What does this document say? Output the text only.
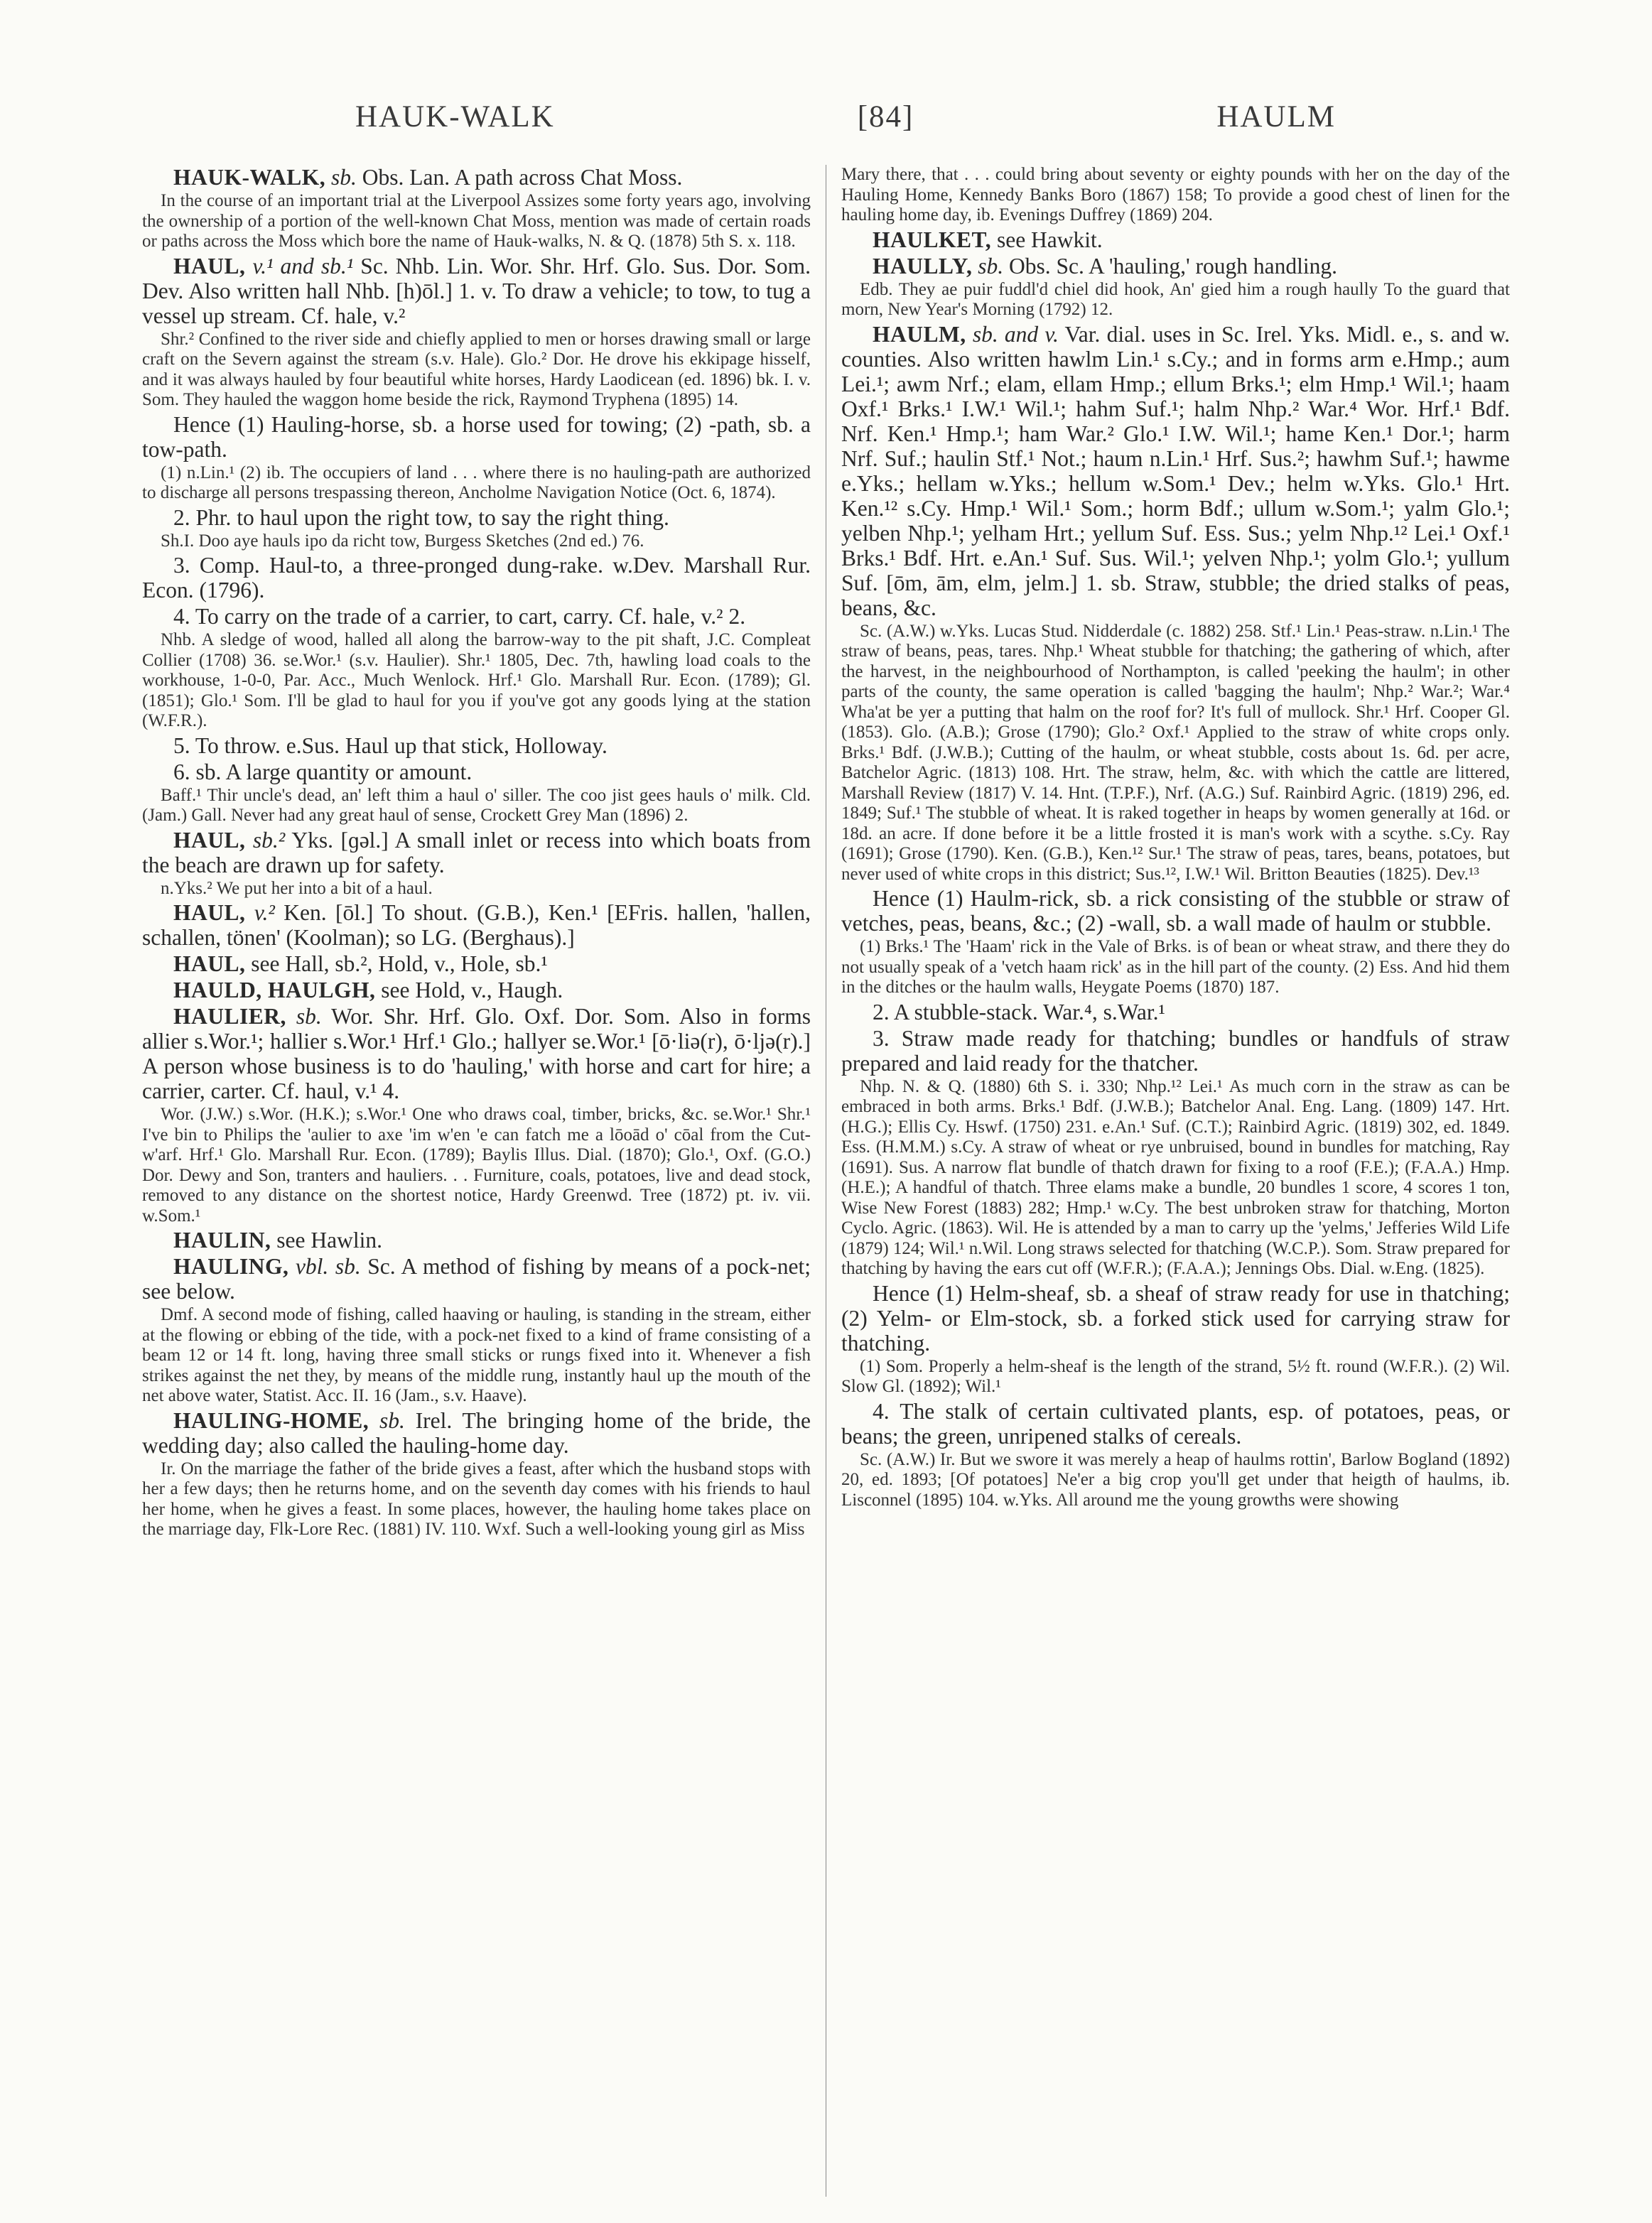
HAUK-WALK	[84]	HAULM

HAUK-WALK, sb. Obs. Lan. A path across Chat Moss.

In the course of an important trial at the Liverpool Assizes some forty years ago, involving the ownership of a portion of the well-known Chat Moss, mention was made of certain roads or paths across the Moss which bore the name of Hauk-walks, N. & Q. (1878) 5th S. x. 118.

HAUL, v.¹ and sb.¹ Sc. Nhb. Lin. Wor. Shr. Hrf. Glo. Sus. Dor. Som. Dev. Also written hall Nhb. [h)ōl.] 1. v. To draw a vehicle; to tow, to tug a vessel up stream. Cf. hale, v.²

Shr.² Confined to the river side and chiefly applied to men or horses drawing small or large craft on the Severn against the stream (s.v. Hale). Glo.² Dor. He drove his ekkipage hisself, and it was always hauled by four beautiful white horses, Hardy Laodicean (ed. 1896) bk. I. v. Som. They hauled the waggon home beside the rick, Raymond Tryphena (1895) 14.

Hence (1) Hauling-horse, sb. a horse used for towing; (2) -path, sb. a tow-path.

(1) n.Lin.¹ (2) ib. The occupiers of land . . . where there is no hauling-path are authorized to discharge all persons trespassing thereon, Ancholme Navigation Notice (Oct. 6, 1874).

2. Phr. to haul upon the right tow, to say the right thing.

Sh.I. Doo aye hauls ipo da richt tow, Burgess Sketches (2nd ed.) 76.

3. Comp. Haul-to, a three-pronged dung-rake. w.Dev. Marshall Rur. Econ. (1796).

4. To carry on the trade of a carrier, to cart, carry. Cf. hale, v.² 2.

Nhb. A sledge of wood, halled all along the barrow-way to the pit shaft, J.C. Compleat Collier (1708) 36. se.Wor.¹ (s.v. Haulier). Shr.¹ 1805, Dec. 7th, hawling load coals to the workhouse, 1-0-0, Par. Acc., Much Wenlock. Hrf.¹ Glo. Marshall Rur. Econ. (1789); Gl. (1851); Glo.¹ Som. I'll be glad to haul for you if you've got any goods lying at the station (W.F.R.).

5. To throw. e.Sus. Haul up that stick, Holloway.

6. sb. A large quantity or amount.

Baff.¹ Thir uncle's dead, an' left thim a haul o' siller. The coo jist gees hauls o' milk. Cld. (Jam.) Gall. Never had any great haul of sense, Crockett Grey Man (1896) 2.

HAUL, sb.² Yks. [ɡəl.] A small inlet or recess into which boats from the beach are drawn up for safety.

n.Yks.² We put her into a bit of a haul.

HAUL, v.² Ken. [ōl.] To shout. (G.B.), Ken.¹ [EFris. hallen, 'hallen, schallen, tönen' (Koolman); so LG. (Berghaus).]

HAUL, see Hall, sb.², Hold, v., Hole, sb.¹

HAULD, HAULGH, see Hold, v., Haugh.

HAULIER, sb. Wor. Shr. Hrf. Glo. Oxf. Dor. Som. Also in forms allier s.Wor.¹; hallier s.Wor.¹ Hrf.¹ Glo.; hallyer se.Wor.¹ [ō·liə(r), ō·ljə(r).] A person whose business is to do 'hauling,' with horse and cart for hire; a carrier, carter. Cf. haul, v.¹ 4.

Wor. (J.W.) s.Wor. (H.K.); s.Wor.¹ One who draws coal, timber, bricks, &c. se.Wor.¹ Shr.¹ I've bin to Philips the 'aulier to axe 'im w'en 'e can fatch me a lōoād o' cōal from the Cut-w'arf. Hrf.¹ Glo. Marshall Rur. Econ. (1789); Baylis Illus. Dial. (1870); Glo.¹, Oxf. (G.O.) Dor. Dewy and Son, tranters and hauliers. . . Furniture, coals, potatoes, live and dead stock, removed to any distance on the shortest notice, Hardy Greenwd. Tree (1872) pt. iv. vii. w.Som.¹

HAULIN, see Hawlin.

HAULING, vbl. sb. Sc. A method of fishing by means of a pock-net; see below.

Dmf. A second mode of fishing, called haaving or hauling, is standing in the stream, either at the flowing or ebbing of the tide, with a pock-net fixed to a kind of frame consisting of a beam 12 or 14 ft. long, having three small sticks or rungs fixed into it. Whenever a fish strikes against the net they, by means of the middle rung, instantly haul up the mouth of the net above water, Statist. Acc. II. 16 (Jam., s.v. Haave).

HAULING-HOME, sb. Irel. The bringing home of the bride, the wedding day; also called the hauling-home day.

Ir. On the marriage the father of the bride gives a feast, after which the husband stops with her a few days; then he returns home, and on the seventh day comes with his friends to haul her home, when he gives a feast. In some places, however, the hauling home takes place on the marriage day, Flk-Lore Rec. (1881) IV. 110. Wxf. Such a well-looking young girl as Miss

Mary there, that . . . could bring about seventy or eighty pounds with her on the day of the Hauling Home, Kennedy Banks Boro (1867) 158; To provide a good chest of linen for the hauling home day, ib. Evenings Duffrey (1869) 204.

HAULKET, see Hawkit.

HAULLY, sb. Obs. Sc. A 'hauling,' rough handling.

Edb. They ae puir fuddl'd chiel did hook, An' gied him a rough haully To the guard that morn, New Year's Morning (1792) 12.

HAULM, sb. and v. Var. dial. uses in Sc. Irel. Yks. Midl. e., s. and w. counties. Also written hawlm Lin.¹ s.Cy.; and in forms arm e.Hmp.; aum Lei.¹; awm Nrf.; elam, ellam Hmp.; ellum Brks.¹; elm Hmp.¹ Wil.¹; haam Oxf.¹ Brks.¹ I.W.¹ Wil.¹; hahm Suf.¹; halm Nhp.² War.⁴ Wor. Hrf.¹ Bdf. Nrf. Ken.¹ Hmp.¹; ham War.² Glo.¹ I.W. Wil.¹; hame Ken.¹ Dor.¹; harm Nrf. Suf.; haulin Stf.¹ Not.; haum n.Lin.¹ Hrf. Sus.²; hawhm Suf.¹; hawme e.Yks.; hellam w.Yks.; hellum w.Som.¹ Dev.; helm w.Yks. Glo.¹ Hrt. Ken.¹² s.Cy. Hmp.¹ Wil.¹ Som.; horm Bdf.; ullum w.Som.¹; yalm Glo.¹; yelben Nhp.¹; yelham Hrt.; yellum Suf. Ess. Sus.; yelm Nhp.¹² Lei.¹ Oxf.¹ Brks.¹ Bdf. Hrt. e.An.¹ Suf. Sus. Wil.¹; yelven Nhp.¹; yolm Glo.¹; yullum Suf. [ōm, ām, elm, jelm.] 1. sb. Straw, stubble; the dried stalks of peas, beans, &c.

Sc. (A.W.) w.Yks. Lucas Stud. Nidderdale (c. 1882) 258. Stf.¹ Lin.¹ Peas-straw. n.Lin.¹ The straw of beans, peas, tares. Nhp.¹ Wheat stubble for thatching; the gathering of which, after the harvest, in the neighbourhood of Northampton, is called 'peeking the haulm'; in other parts of the county, the same operation is called 'bagging the haulm'; Nhp.² War.²; War.⁴ Wha'at be yer a putting that halm on the roof for? It's full of mullock. Shr.¹ Hrf. Cooper Gl. (1853). Glo. (A.B.); Grose (1790); Glo.² Oxf.¹ Applied to the straw of white crops only. Brks.¹ Bdf. (J.W.B.); Cutting of the haulm, or wheat stubble, costs about 1s. 6d. per acre, Batchelor Agric. (1813) 108. Hrt. The straw, helm, &c. with which the cattle are littered, Marshall Review (1817) V. 14. Hnt. (T.P.F.), Nrf. (A.G.) Suf. Rainbird Agric. (1819) 296, ed. 1849; Suf.¹ The stubble of wheat. It is raked together in heaps by women generally at 16d. or 18d. an acre. If done before it be a little frosted it is man's work with a scythe. s.Cy. Ray (1691); Grose (1790). Ken. (G.B.), Ken.¹² Sur.¹ The straw of peas, tares, beans, potatoes, but never used of white crops in this district; Sus.¹², I.W.¹ Wil. Britton Beauties (1825). Dev.¹³

Hence (1) Haulm-rick, sb. a rick consisting of the stubble or straw of vetches, peas, beans, &c.; (2) -wall, sb. a wall made of haulm or stubble.

(1) Brks.¹ The 'Haam' rick in the Vale of Brks. is of bean or wheat straw, and there they do not usually speak of a 'vetch haam rick' as in the hill part of the county. (2) Ess. And hid them in the ditches or the haulm walls, Heygate Poems (1870) 187.

2. A stubble-stack. War.⁴, s.War.¹

3. Straw made ready for thatching; bundles or handfuls of straw prepared and laid ready for the thatcher.

Nhp. N. & Q. (1880) 6th S. i. 330; Nhp.¹² Lei.¹ As much corn in the straw as can be embraced in both arms. Brks.¹ Bdf. (J.W.B.); Batchelor Anal. Eng. Lang. (1809) 147. Hrt. (H.G.); Ellis Cy. Hswf. (1750) 231. e.An.¹ Suf. (C.T.); Rainbird Agric. (1819) 302, ed. 1849. Ess. (H.M.M.) s.Cy. A straw of wheat or rye unbruised, bound in bundles for matching, Ray (1691). Sus. A narrow flat bundle of thatch drawn for fixing to a roof (F.E.); (F.A.A.) Hmp. (H.E.); A handful of thatch. Three elams make a bundle, 20 bundles 1 score, 4 scores 1 ton, Wise New Forest (1883) 282; Hmp.¹ w.Cy. The best unbroken straw for thatching, Morton Cyclo. Agric. (1863). Wil. He is attended by a man to carry up the 'yelms,' Jefferies Wild Life (1879) 124; Wil.¹ n.Wil. Long straws selected for thatching (W.C.P.). Som. Straw prepared for thatching by having the ears cut off (W.F.R.); (F.A.A.); Jennings Obs. Dial. w.Eng. (1825).

Hence (1) Helm-sheaf, sb. a sheaf of straw ready for use in thatching; (2) Yelm- or Elm-stock, sb. a forked stick used for carrying straw for thatching.

(1) Som. Properly a helm-sheaf is the length of the strand, 5½ ft. round (W.F.R.). (2) Wil. Slow Gl. (1892); Wil.¹

4. The stalk of certain cultivated plants, esp. of potatoes, peas, or beans; the green, unripened stalks of cereals.

Sc. (A.W.) Ir. But we swore it was merely a heap of haulms rottin', Barlow Bogland (1892) 20, ed. 1893; [Of potatoes] Ne'er a big crop you'll get under that heigth of haulms, ib. Lisconnel (1895) 104. w.Yks. All around me the young growths were showing
